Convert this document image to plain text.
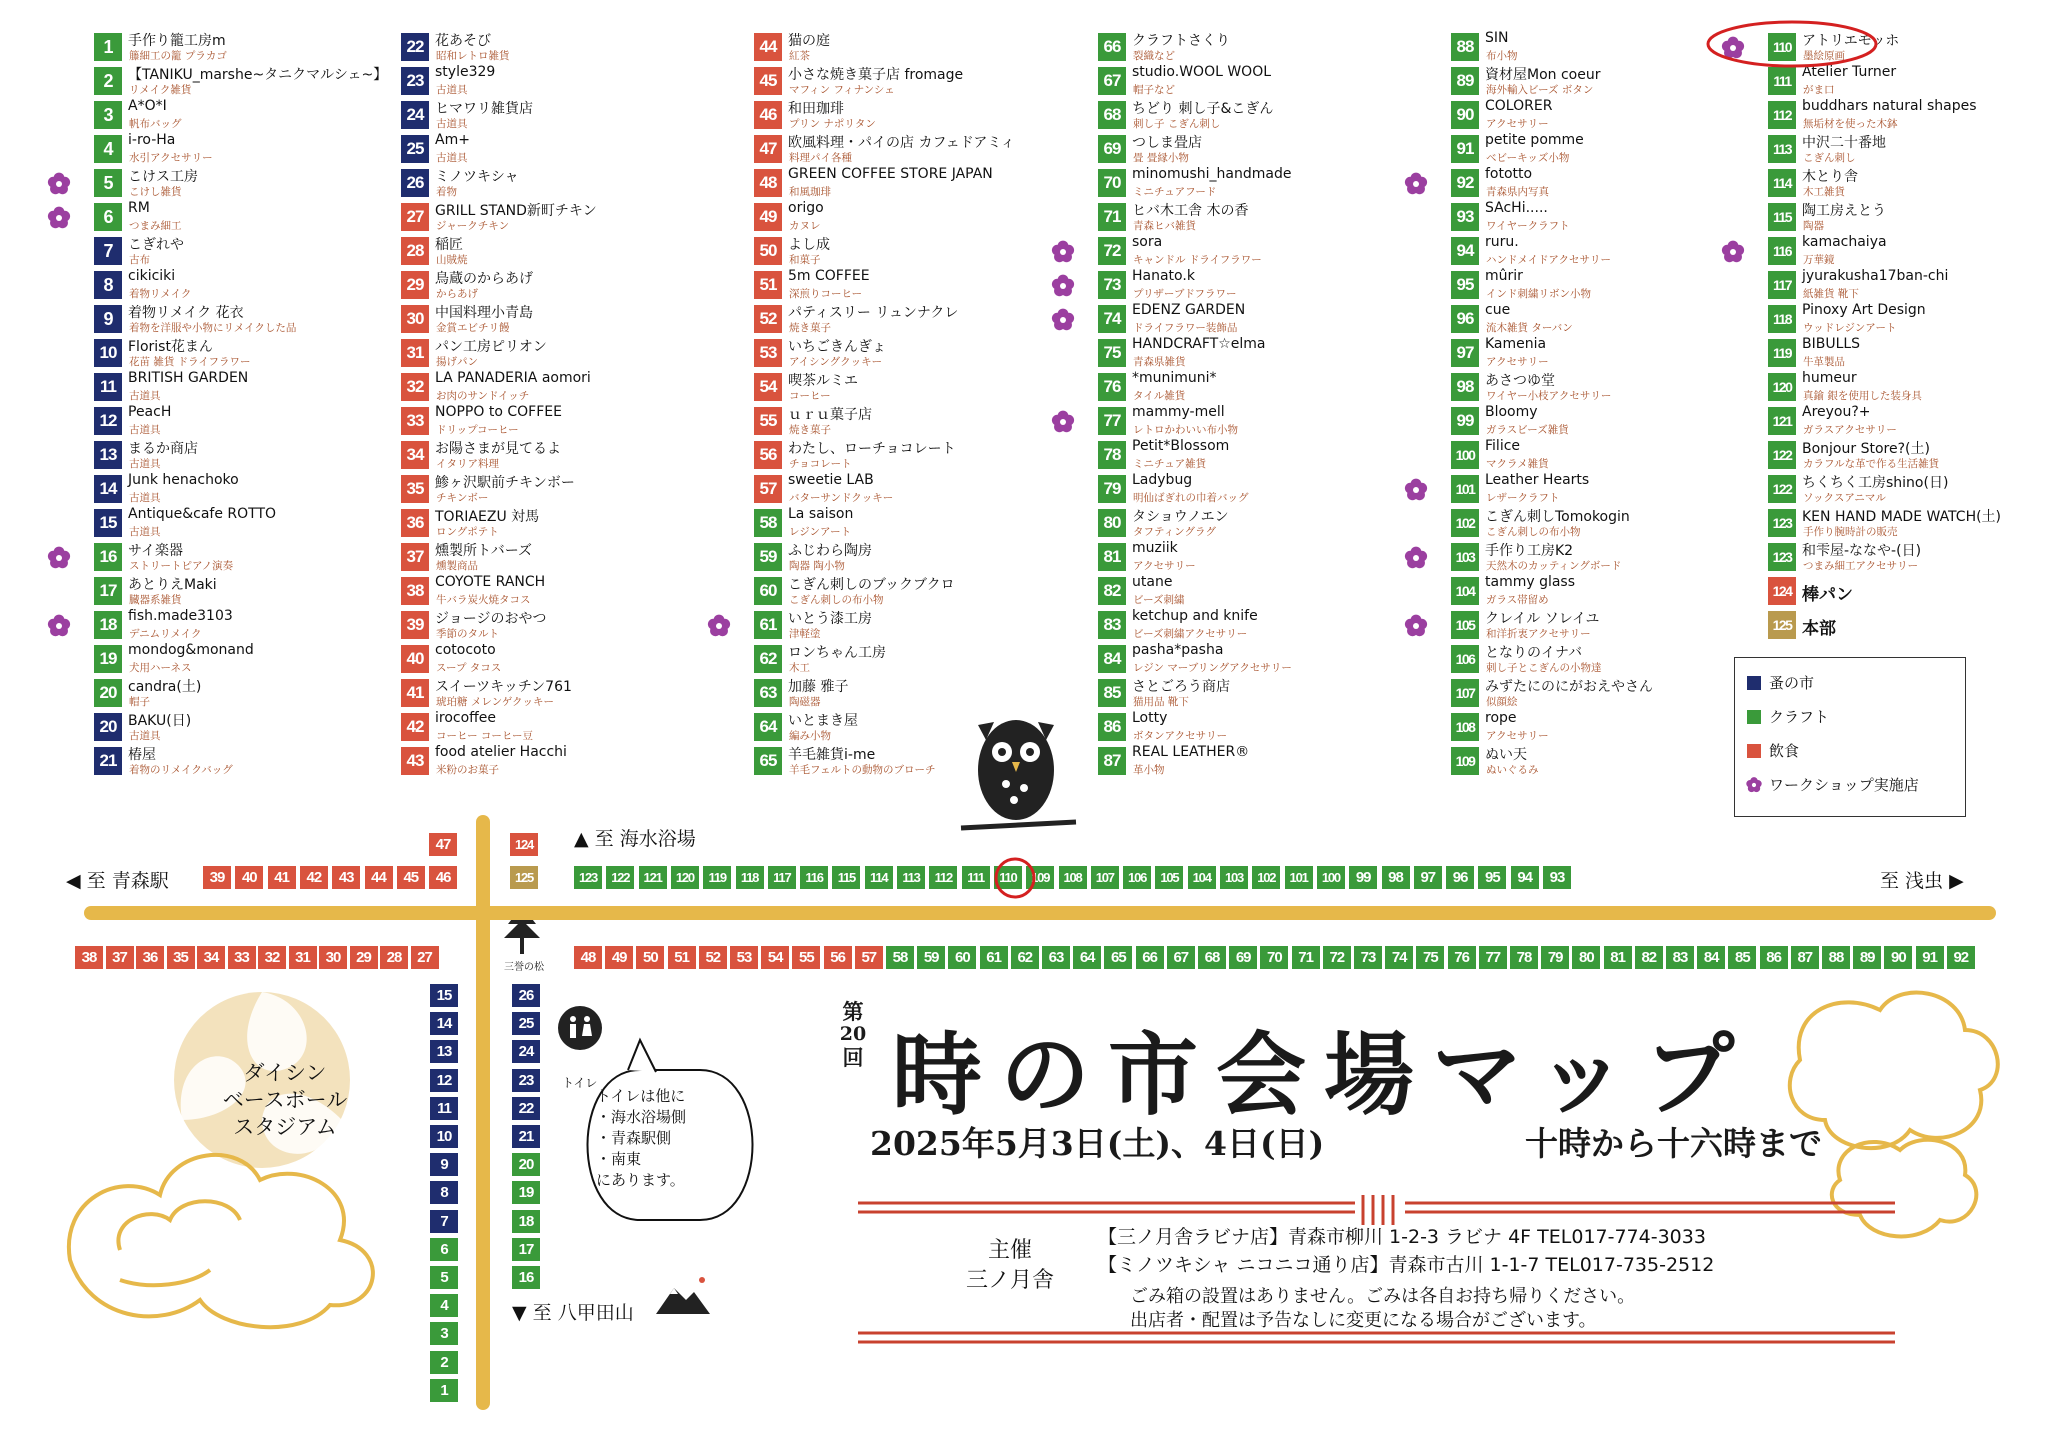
1	手作り籠工房m
籐細工の籠 プラカゴ
2	【TANIKU_marshe~タニクマルシェ~】
リメイク雑貨
3	A*O*I
帆布バッグ
4	i-ro-Ha
水引アクセサリー
5	こけス工房
こけし雑貨
6	RM
つまみ細工
7	こぎれや
古布
8	cikiciki
着物リメイク
9	着物リメイク 花衣
着物を洋服や小物にリメイクした品
10 Florist花まん
花苗 雑貨 ドライフラワー
11 BRITISH GARDEN
古道具
12 PeacH
古道具
13 まるか商店
古道具
14 Junk henachoko
古道具
15 Antique&cafe ROTTO
古道具
16 サイ楽器
ストリートピアノ演奏
17 あとりえMaki
臓器系雑貨
18 fish.made3103
デニムリメイク
19 mondog&monand
犬用ハーネス
20 candra(土)
帽子
20 BAKU(日)
古道具
21 椿屋
着物のリメイクバッグ
22 花あそび
昭和レトロ雑貨
23 style329
古道具
24 ヒマワリ雑貨店
古道具
25 Am+
古道具
26 ミノツキシャ
着物
27 GRILL STAND新町チキン
ジャークチキン
28 稲匠
山賊焼
29 鳥蔵のからあげ
からあげ
30 中国料理小青島
金賞エビチリ饅
31 パン工房ピリオン
揚げパン
32 LA PANADERIA aomori
お肉のサンドイッチ
33 NOPPO to COFFEE
ドリップコーヒー
34 お陽さまが見てるよ
イタリア料理
35 鯵ヶ沢駅前チキンボー
チキンボー
36 TORIAEZU 対馬
ロングポテト
37 燻製所トバーズ
燻製商品
38 COYOTE RANCH
牛バラ炭火焼タコス
39 ジョージのおやつ
季節のタルト
40 cotocoto
スープ タコス
41 スイーツキッチン761
琥珀糖 メレンゲクッキー
42 irocoffee
コーヒー コーヒー豆
43 food atelier Hacchi
米粉のお菓子
44 猫の庭
紅茶
45 小さな焼き菓子店 fromage
マフィン フィナンシェ
46 和田珈琲
プリン ナポリタン
47 欧風料理・パイの店 カフェドアミィ
料理パイ各種
48 GREEN COFFEE STORE JAPAN
和風珈琲
49 origo
カヌレ
50 よし成
和菓子
51 5m COFFEE
深煎りコーヒー
52 パティスリー リュンナクレ
焼き菓子
53 いちごきんぎょ
アイシングクッキー
54 喫茶ルミエ
コーヒー
55 ｕｒｕ菓子店
焼き菓子
56 わたし、ローチョコレート
チョコレート
57 sweetie LAB
バターサンドクッキー
58 La saison
レジンアート
59 ふじわら陶房
陶器 陶小物
60 こぎん刺しのブックブクロ
こぎん刺しの布小物
61 いとう漆工房
津軽塗
62 ロンちゃん工房
木工
63 加藤 雅子
陶磁器
64 いとまき屋
編み小物
65 羊毛雑貨i-me
羊毛フェルトの動物のブローチ
66 クラフトさくり
裂織など
67 studio.WOOL WOOL
帽子など
68 ちどり 刺し子&こぎん
刺し子 こぎん刺し
69 つしま畳店
畳 畳縁小物
70 minomushi_handmade
ミニチュアフード
71 ヒバ木工舎 木の香
青森ヒバ雑貨
72 sora
キャンドル ドライフラワー
73 Hanato.k
プリザーブドフラワー
74 EDENZ GARDEN
ドライフラワー装飾品
75 HANDCRAFT☆elma
青森県雑貨
76 *munimuni*
タイル雑貨
77 mammy-mell
レトロかわいい布小物
78 Petit*Blossom
ミニチュア雑貨
79 Ladybug
明仙ばぎれの巾着バッグ
80 タショウノエン
タフティングラグ
81 muziik
アクセサリー
82 utane
ビーズ刺繍
83 ketchup and knife
ビーズ刺繍アクセサリー
84 pasha*pasha
レジン マーブリングアクセサリー
85 さとごろう商店
猫用品 靴下
86 Lotty
ボタンアクセサリー
87 REAL LEATHER®
革小物
88 SIN
布小物
89 資材屋Mon coeur
海外輸入ビーズ ボタン
90 COLORER
アクセサリー
91 petite pomme
ベビーキッズ小物
92 fototto
青森県内写真
93 SAcHi.....
ワイヤークラフト
94 ruru.
ハンドメイドアクセサリー
95 mûrir
インド刺繍リボン小物
96 cue
流木雑貨 ターバン
97 Kamenia
アクセサリー
98 あさつゆ堂
ワイヤー小枝アクセサリー
99 Bloomy
ガラスビーズ雑貨
100
Filice
マクラメ雑貨
101
Leather Hearts
レザークラフト
102 こぎん刺しTomokogin
こぎん刺しの布小物
103 手作り工房K2
天然木のカッティングボード
104
tammy glass
ガラス帯留め
105 クレイル ソレイユ
和洋折衷アクセサリー
106 となりのイナバ
刺し子とこぎんの小物達
107 みずたにのにがおえやさん
似顔絵
108
rope
アクセサリー
109 ぬい天
ぬいぐるみ
110 アトリエモッホ
墨絵原画
111
Atelier Turner
がま口
112
buddhars natural shapes
無垢材を使った木鉢
113 中沢二十番地
こぎん刺し
114 木とり舎
木工雑貨
115 陶工房えとう
陶器
116
kamachaiya
万華鏡
117
jyurakusha17ban-chi
紙雑貨 靴下
118
Pinoxy Art Design
ウッドレジンアート
119
BIBULLS
牛革製品
120
humeur
真鍮 銀を使用した装身具
121
Areyou?+
ガラスアクセサリー
122 Bonjour Store?(土)
カラフルな革で作る生活雑貨
122 ちくちく工房shino(日)
ソックスアニマル
123 KEN HAND MADE WATCH(土)
手作り腕時計の販売
123 和雫屋-ななや-(日)
つまみ細工アクセサリー
124 棒パン
125 本部
蚤の市
クラフト
飲食
ワークショップ実施店
123	122	121	120	119	118	117	116	115	114	113	112	111	110	109	108	107	106	105	104	103	102	101	100	99	98	97	96	95	94	93
39	40	41	42	43	44	45	46
47	124
125
38	37	36	35	34	33	32	31	30	29	28	27	48	49	50	51	52	53	54	55	56	57	58	59	60	61	62	63	64	65	66	67	68	69	70	71	72	73	74	75	76	77	78	79	80	81	82	83	84	85	86	87	88	89	90	91	92
15
14
13
12
11
10
9
8
7
6
5
4
3
2
1
26
25
24
23
22
21
20
19
18
17
16
▲ 至 海水浴場
◀ 至 青森駅	至 浅虫 ▶
▼ 至 八甲田山
ダイシン
ベースボール
スタジアム
トイレ
三誉の松
トイレは他に
・海水浴場側
・青森駅側
・南東
にあります。
第
20
回 時の市会場マップ
2025年5月3日(土)、4日(日)	十時から十六時まで
主催
三ノ月舎
【三ノ月舎ラビナ店】青森市柳川 1-2-3 ラビナ 4F TEL017-774-3033
【ミノツキシャ ニコニコ通り店】青森市古川 1-1-7 TEL017-735-2512
ごみ箱の設置はありません。ごみは各自お持ち帰りください。
出店者・配置は予告なしに変更になる場合がございます。
